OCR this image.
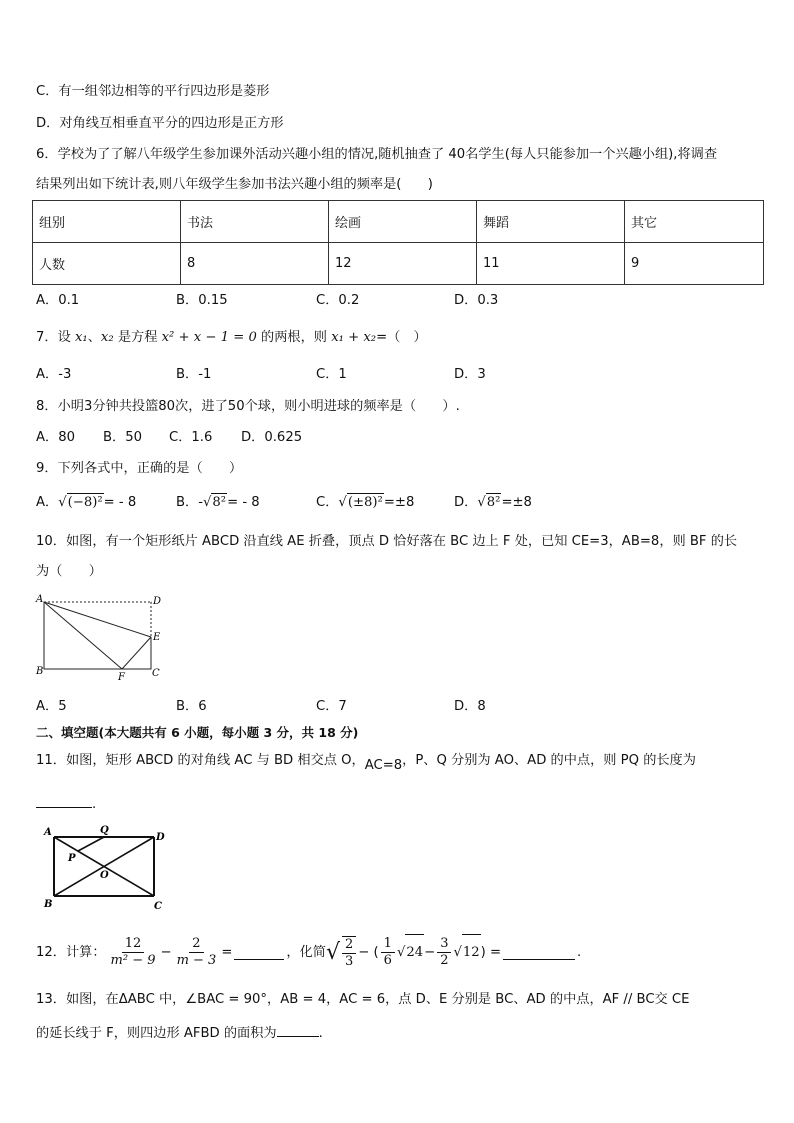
C．有一组邻边相等的平行四边形是菱形
D．对角线互相垂直平分的四边形是正方形
6．学校为了了解八年级学生参加课外活动兴趣小组的情况,随机抽查了 40名学生(每人只能参加一个兴趣小组),将调查
结果列出如下统计表,则八年级学生参加书法兴趣小组的频率是(　　)
组别	书法	绘画	舞蹈	其它
人数	8	12	11	9
A．0.1	B．0.15	C．0.2	D．0.3
7．设 x₁、x₂ 是方程 x² + x − 1 = 0 的两根，则 x₁ + x₂=（　）
A．-3	B．-1	C．1	D．3
8．小明3分钟共投篮80次，进了50个球，则小明进球的频率是（　　）.
A．80 B．50 C．1.6 D．0.625
9．下列各式中，正确的是（　　）
A．√(−8)²= - 8	B．-√8²= - 8	C．√(±8)²=±8	D．√8²=±8
10．如图，有一个矩形纸片 ABCD 沿直线 AE 折叠，顶点 D 恰好落在 BC 边上 F 处，已知 CE=3，AB=8，则 BF 的长
为（　　）
A	D
E
B	C
F
A．5	B．6	C．7	D．8
二、填空题(本大题共有 6 小题，每小题 3 分，共 18 分)
11．如图，矩形 ABCD 的对角线 AC 与 BD 相交点 O，AC=8，P、Q 分别为 AO、AD 的中点，则 PQ 的长度为
.
A	Q
D
P
O
B	C
12．计算： $\frac{12}{\text{m² − 9}} - \frac{2}{m - 3}$ =	，化简 √ $\frac{2}{3}$ − ( $\frac{1}{6}$ √ $24 - \frac{3}{2}$ √ 12 ) =	.
13．如图，在ΔABC 中，∠BAC = 90°，AB = 4，AC = 6，点 D、E 分别是 BC、AD 的中点，AF // BC交 CE
的延长线于 F，则四边形 AFBD 的面积为	.
